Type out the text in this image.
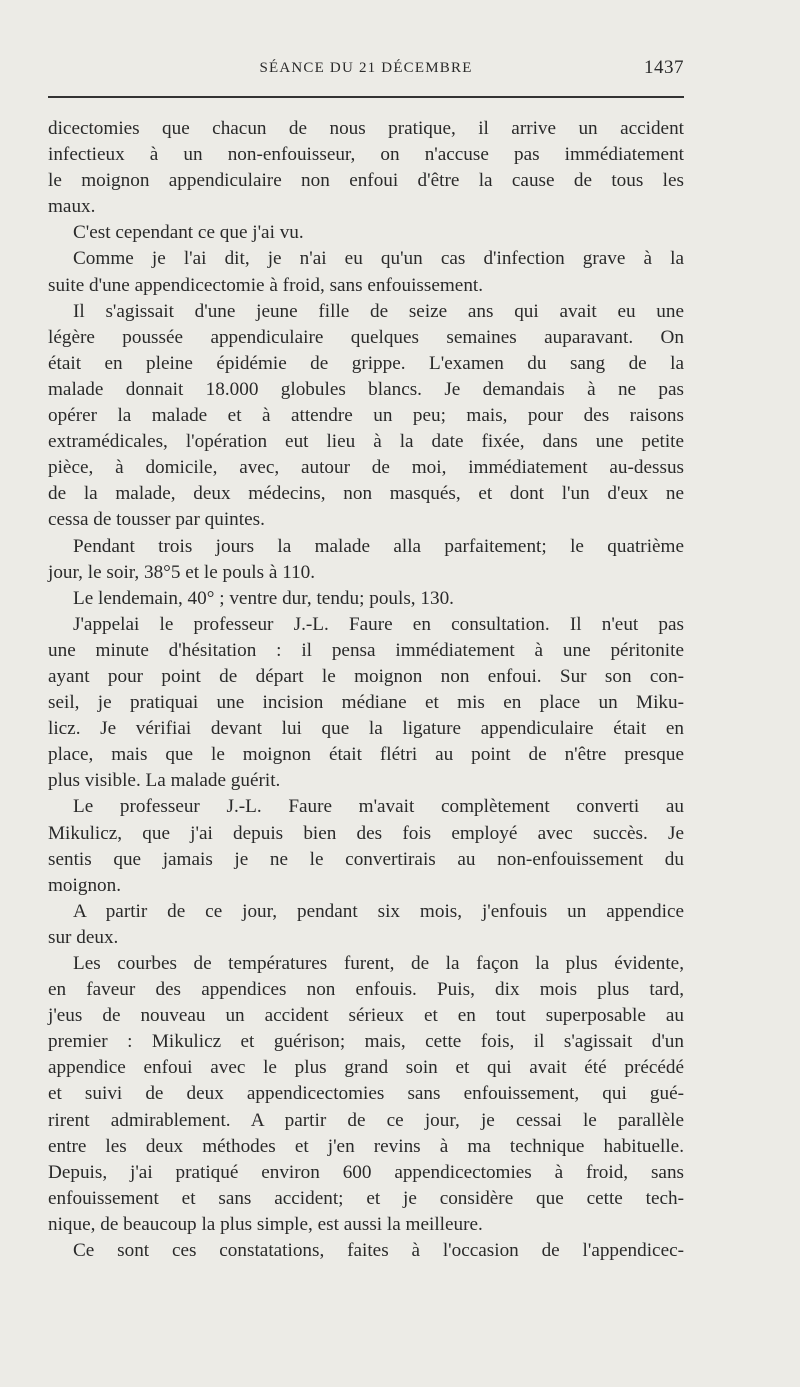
SÉANCE DU 21 DÉCEMBRE	1437
dicectomies que chacun de nous pratique, il arrive un accident
infectieux à un non-enfouisseur, on n'accuse pas immédiatement
le moignon appendiculaire non enfoui d'être la cause de tous les
maux.
C'est cependant ce que j'ai vu.
Comme je l'ai dit, je n'ai eu qu'un cas d'infection grave à la
suite d'une appendicectomie à froid, sans enfouissement.
Il s'agissait d'une jeune fille de seize ans qui avait eu une
légère poussée appendiculaire quelques semaines auparavant. On
était en pleine épidémie de grippe. L'examen du sang de la
malade donnait 18.000 globules blancs. Je demandais à ne pas
opérer la malade et à attendre un peu; mais, pour des raisons
extramédicales, l'opération eut lieu à la date fixée, dans une petite
pièce, à domicile, avec, autour de moi, immédiatement au-dessus
de la malade, deux médecins, non masqués, et dont l'un d'eux ne
cessa de tousser par quintes.
Pendant trois jours la malade alla parfaitement; le quatrième
jour, le soir, 38°5 et le pouls à 110.
Le lendemain, 40° ; ventre dur, tendu; pouls, 130.
J'appelai le professeur J.-L. Faure en consultation. Il n'eut pas
une minute d'hésitation : il pensa immédiatement à une péritonite
ayant pour point de départ le moignon non enfoui. Sur son con-
seil, je pratiquai une incision médiane et mis en place un Miku-
licz. Je vérifiai devant lui que la ligature appendiculaire était en
place, mais que le moignon était flétri au point de n'être presque
plus visible. La malade guérit.
Le professeur J.-L. Faure m'avait complètement converti au
Mikulicz, que j'ai depuis bien des fois employé avec succès. Je
sentis que jamais je ne le convertirais au non-enfouissement du
moignon.
A partir de ce jour, pendant six mois, j'enfouis un appendice
sur deux.
Les courbes de températures furent, de la façon la plus évidente,
en faveur des appendices non enfouis. Puis, dix mois plus tard,
j'eus de nouveau un accident sérieux et en tout superposable au
premier : Mikulicz et guérison; mais, cette fois, il s'agissait d'un
appendice enfoui avec le plus grand soin et qui avait été précédé
et suivi de deux appendicectomies sans enfouissement, qui gué-
rirent admirablement. A partir de ce jour, je cessai le parallèle
entre les deux méthodes et j'en revins à ma technique habituelle.
Depuis, j'ai pratiqué environ 600 appendicectomies à froid, sans
enfouissement et sans accident; et je considère que cette tech-
nique, de beaucoup la plus simple, est aussi la meilleure.
Ce sont ces constatations, faites à l'occasion de l'appendicec-
